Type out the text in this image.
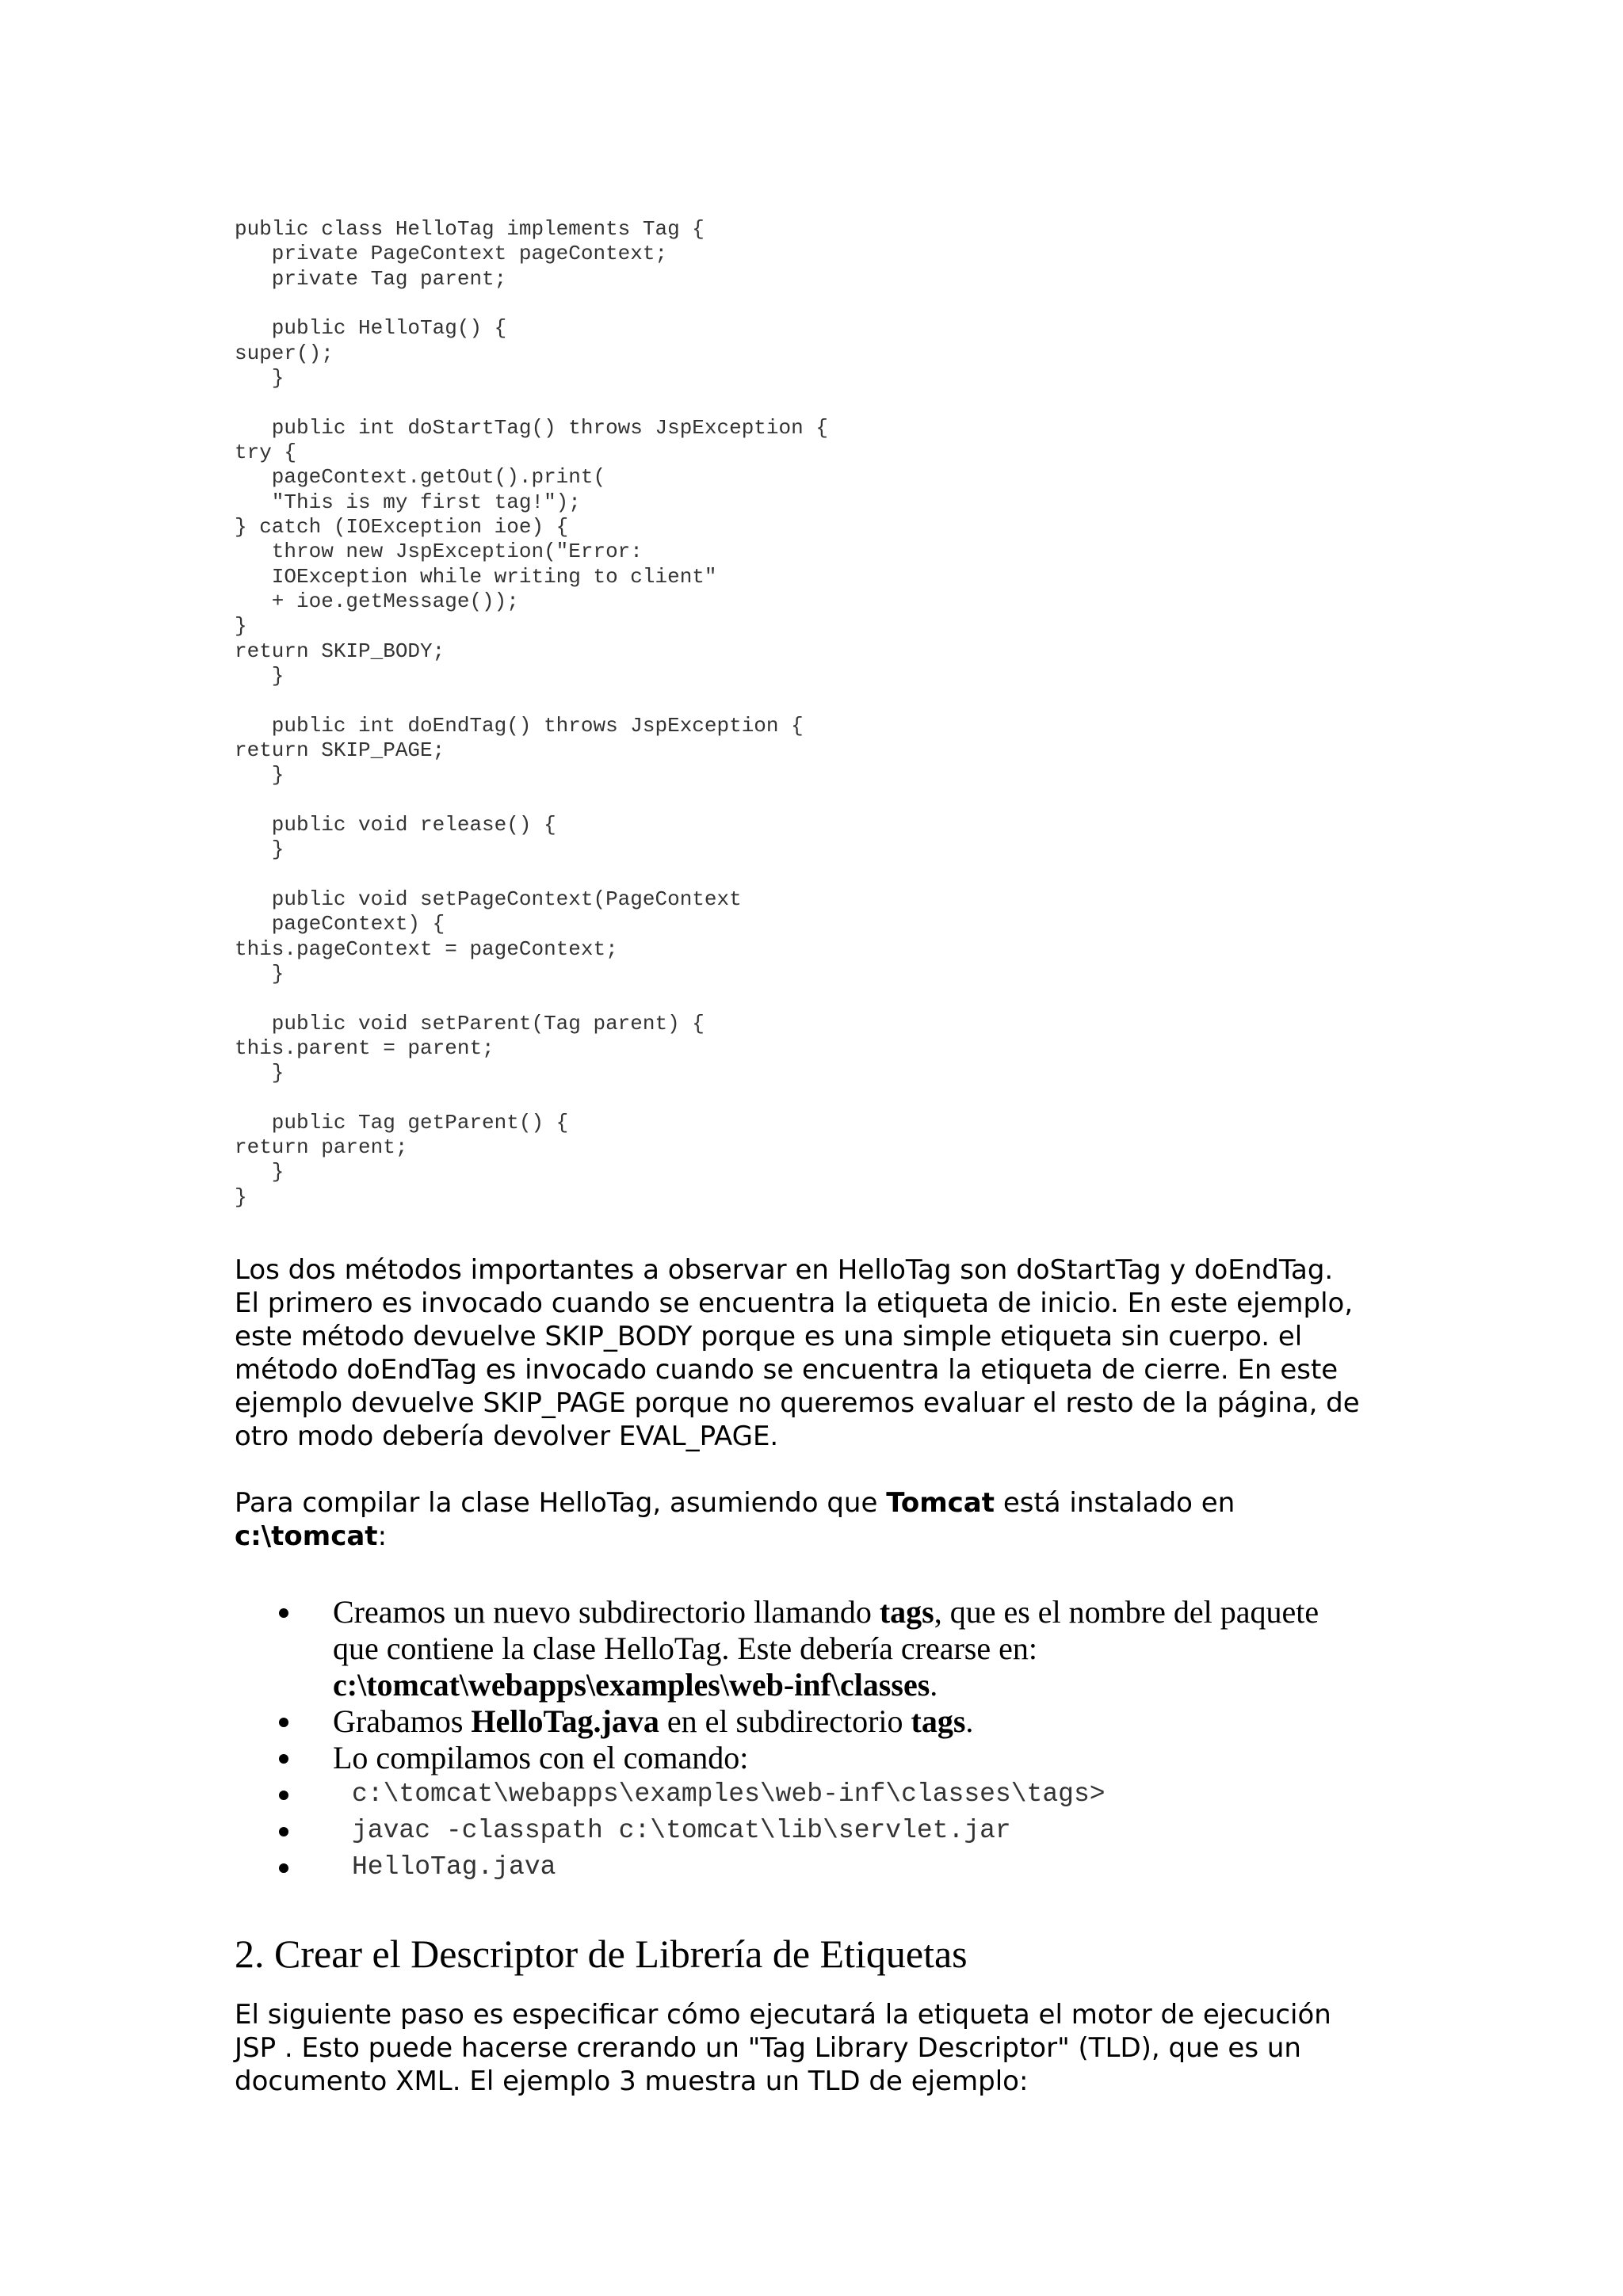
public class HelloTag implements Tag {
private PageContext pageContext;
private Tag parent;
public HelloTag() {
super();
}
public int doStartTag() throws JspException {
try {
pageContext.getOut().print(
"This is my first tag!");
} catch (IOException ioe) {
throw new JspException("Error:
IOException while writing to client"
+ ioe.getMessage());
}
return SKIP_BODY;
}
public int doEndTag() throws JspException {
return SKIP_PAGE;
}
public void release() {
}
public void setPageContext(PageContext
pageContext) {
this.pageContext = pageContext;
}
public void setParent(Tag parent) {
this.parent = parent;
}
public Tag getParent() {
return parent;
}
}
Los dos métodos importantes a observar en HelloTag son doStartTag y doEndTag.
El primero es invocado cuando se encuentra la etiqueta de inicio. En este ejemplo,
este método devuelve SKIP_BODY porque es una simple etiqueta sin cuerpo. el
método doEndTag es invocado cuando se encuentra la etiqueta de cierre. En este
ejemplo devuelve SKIP_PAGE porque no queremos evaluar el resto de la página, de
otro modo debería devolver EVAL_PAGE.
Para compilar la clase HelloTag, asumiendo que Tomcat está instalado en
c:\tomcat:
Creamos un nuevo subdirectorio llamando tags, que es el nombre del paquete
que contiene la clase HelloTag. Este debería crearse en:
c:\tomcat\webapps\examples\web-inf\classes.
Grabamos HelloTag.java en el subdirectorio tags.
Lo compilamos con el comando:
c:\tomcat\webapps\examples\web-inf\classes\tags>
javac -classpath c:\tomcat\lib\servlet.jar
HelloTag.java
2. Crear el Descriptor de Librería de Etiquetas
El siguiente paso es especificar cómo ejecutará la etiqueta el motor de ejecución
JSP . Esto puede hacerse crerando un "Tag Library Descriptor" (TLD), que es un
documento XML. El ejemplo 3 muestra un TLD de ejemplo:
